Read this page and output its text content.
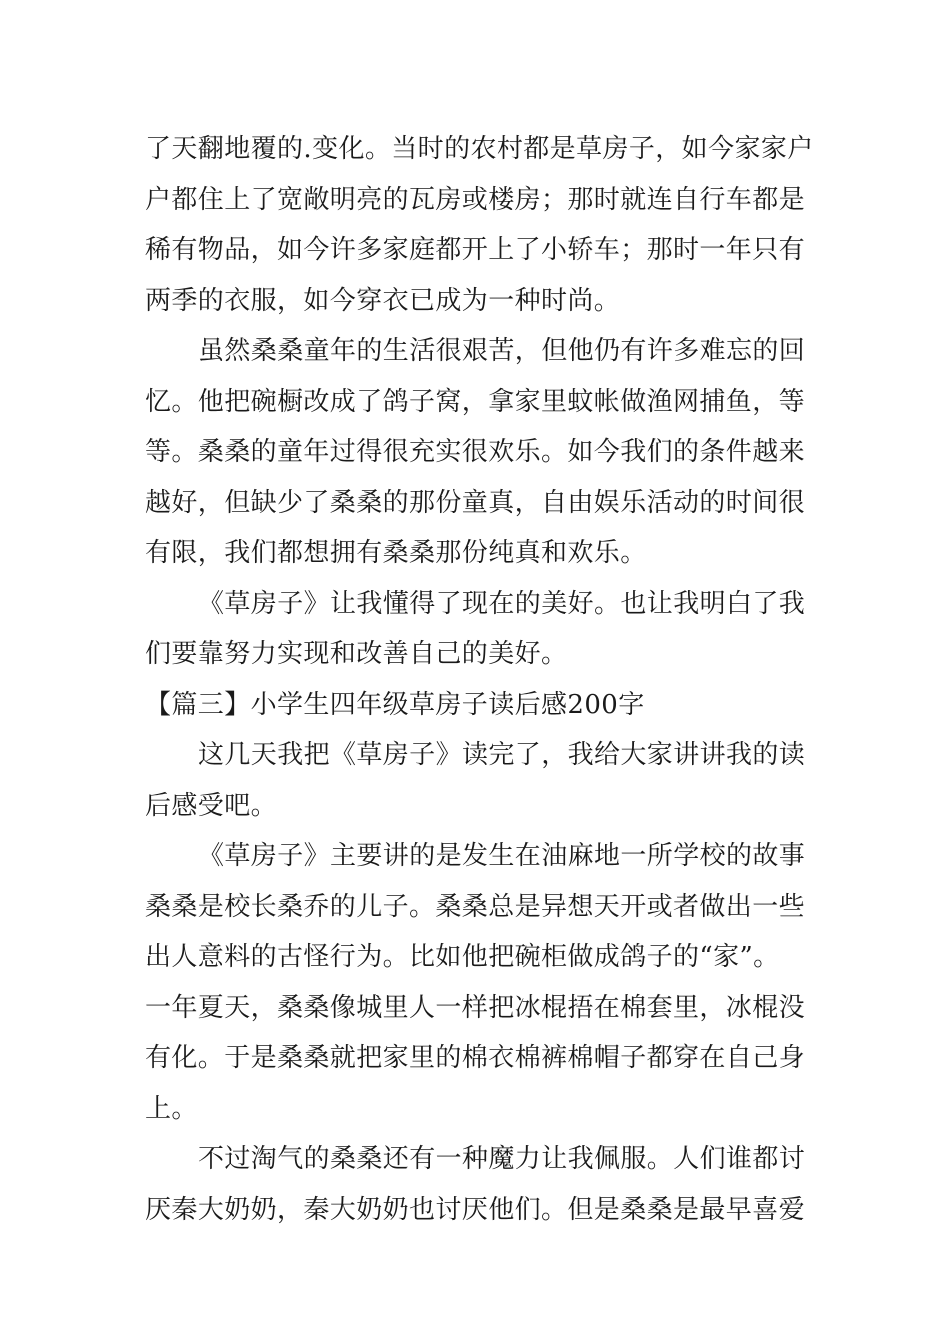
了天翻地覆的.变化。当时的农村都是草房子，如今家家户
户都住上了宽敞明亮的瓦房或楼房；那时就连自行车都是
稀有物品，如今许多家庭都开上了小轿车；那时一年只有
两季的衣服，如今穿衣已成为一种时尚。
虽然桑桑童年的生活很艰苦，但他仍有许多难忘的回
忆。他把碗橱改成了鸽子窝，拿家里蚊帐做渔网捕鱼，等
等。桑桑的童年过得很充实很欢乐。如今我们的条件越来
越好，但缺少了桑桑的那份童真，自由娱乐活动的时间很
有限，我们都想拥有桑桑那份纯真和欢乐。
《草房子》让我懂得了现在的美好。也让我明白了我
们要靠努力实现和改善自己的美好。
【篇三】小学生四年级草房子读后感200字
这几天我把《草房子》读完了，我给大家讲讲我的读
后感受吧。
《草房子》主要讲的是发生在油麻地一所学校的故事
桑桑是校长桑乔的儿子。桑桑总是异想天开或者做出一些
出人意料的古怪行为。比如他把碗柜做成鸽子的“家”。
一年夏天，桑桑像城里人一样把冰棍捂在棉套里，冰棍没
有化。于是桑桑就把家里的棉衣棉裤棉帽子都穿在自己身
上。
不过淘气的桑桑还有一种魔力让我佩服。人们谁都讨
厌秦大奶奶，秦大奶奶也讨厌他们。但是桑桑是最早喜爱
